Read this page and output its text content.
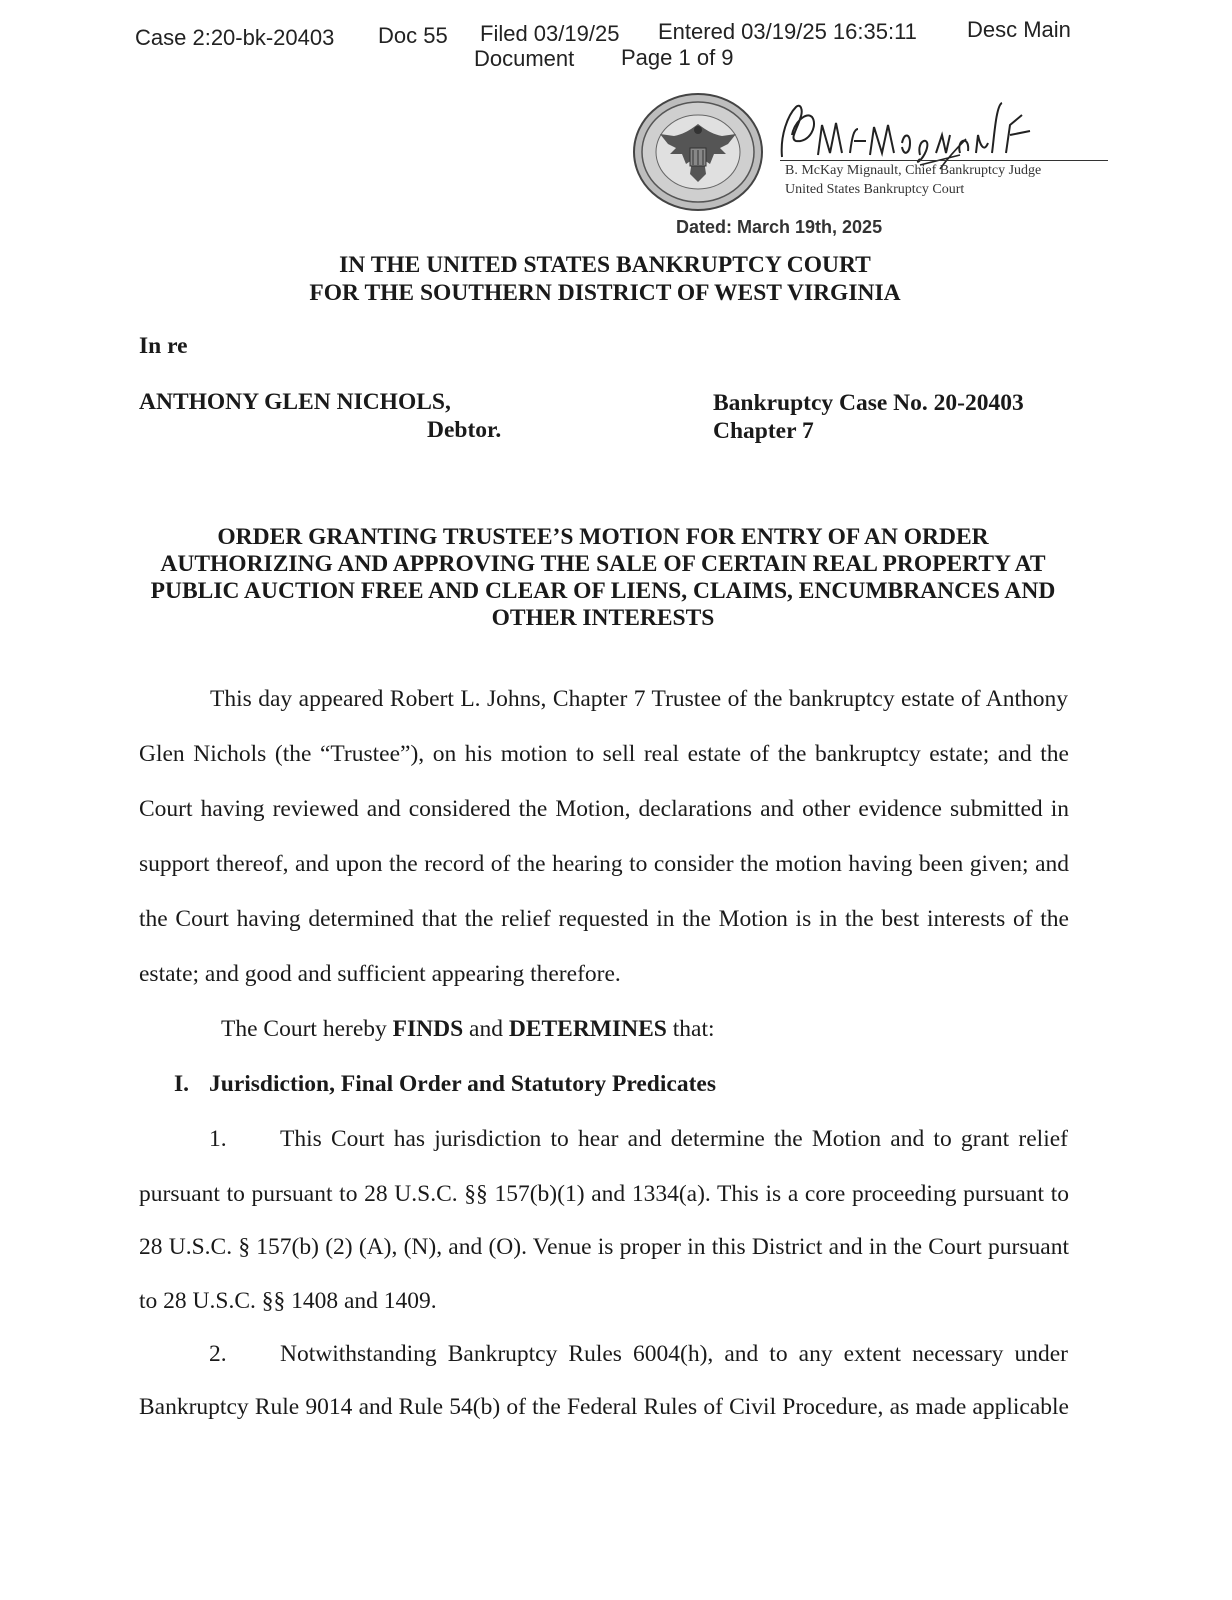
Case 2:20-bk-20403 Doc 55 Filed 03/19/25 Entered 03/19/25 16:35:11 Desc Main
Document Page 1 of 9
B. McKay Mignault, Chief Bankruptcy Judge
United States Bankruptcy Court
Dated: March 19th, 2025
IN THE UNITED STATES BANKRUPTCY COURT
FOR THE SOUTHERN DISTRICT OF WEST VIRGINIA
In re
ANTHONY GLEN NICHOLS,
Debtor.
Bankruptcy Case No. 20-20403
Chapter 7
ORDER GRANTING TRUSTEE’S MOTION FOR ENTRY OF AN ORDER
AUTHORIZING AND APPROVING THE SALE OF CERTAIN REAL PROPERTY AT
PUBLIC AUCTION FREE AND CLEAR OF LIENS, CLAIMS, ENCUMBRANCES AND
OTHER INTERESTS
This day appeared Robert L. Johns, Chapter 7 Trustee of the bankruptcy estate of Anthony
Glen Nichols (the “Trustee”), on his motion to sell real estate of the bankruptcy estate; and the
Court having reviewed and considered the Motion, declarations and other evidence submitted in
support thereof, and upon the record of the hearing to consider the motion having been given; and
the Court having determined that the relief requested in the Motion is in the best interests of the
estate; and good and sufficient appearing therefore.
The Court hereby FINDS and DETERMINES that:
I. Jurisdiction, Final Order and Statutory Predicates
1. This Court has jurisdiction to hear and determine the Motion and to grant relief
pursuant to pursuant to 28 U.S.C. §§ 157(b)(1) and 1334(a). This is a core proceeding pursuant to
28 U.S.C. § 157(b) (2) (A), (N), and (O). Venue is proper in this District and in the Court pursuant
to 28 U.S.C. §§ 1408 and 1409.
2. Notwithstanding Bankruptcy Rules 6004(h), and to any extent necessary under
Bankruptcy Rule 9014 and Rule 54(b) of the Federal Rules of Civil Procedure, as made applicable
